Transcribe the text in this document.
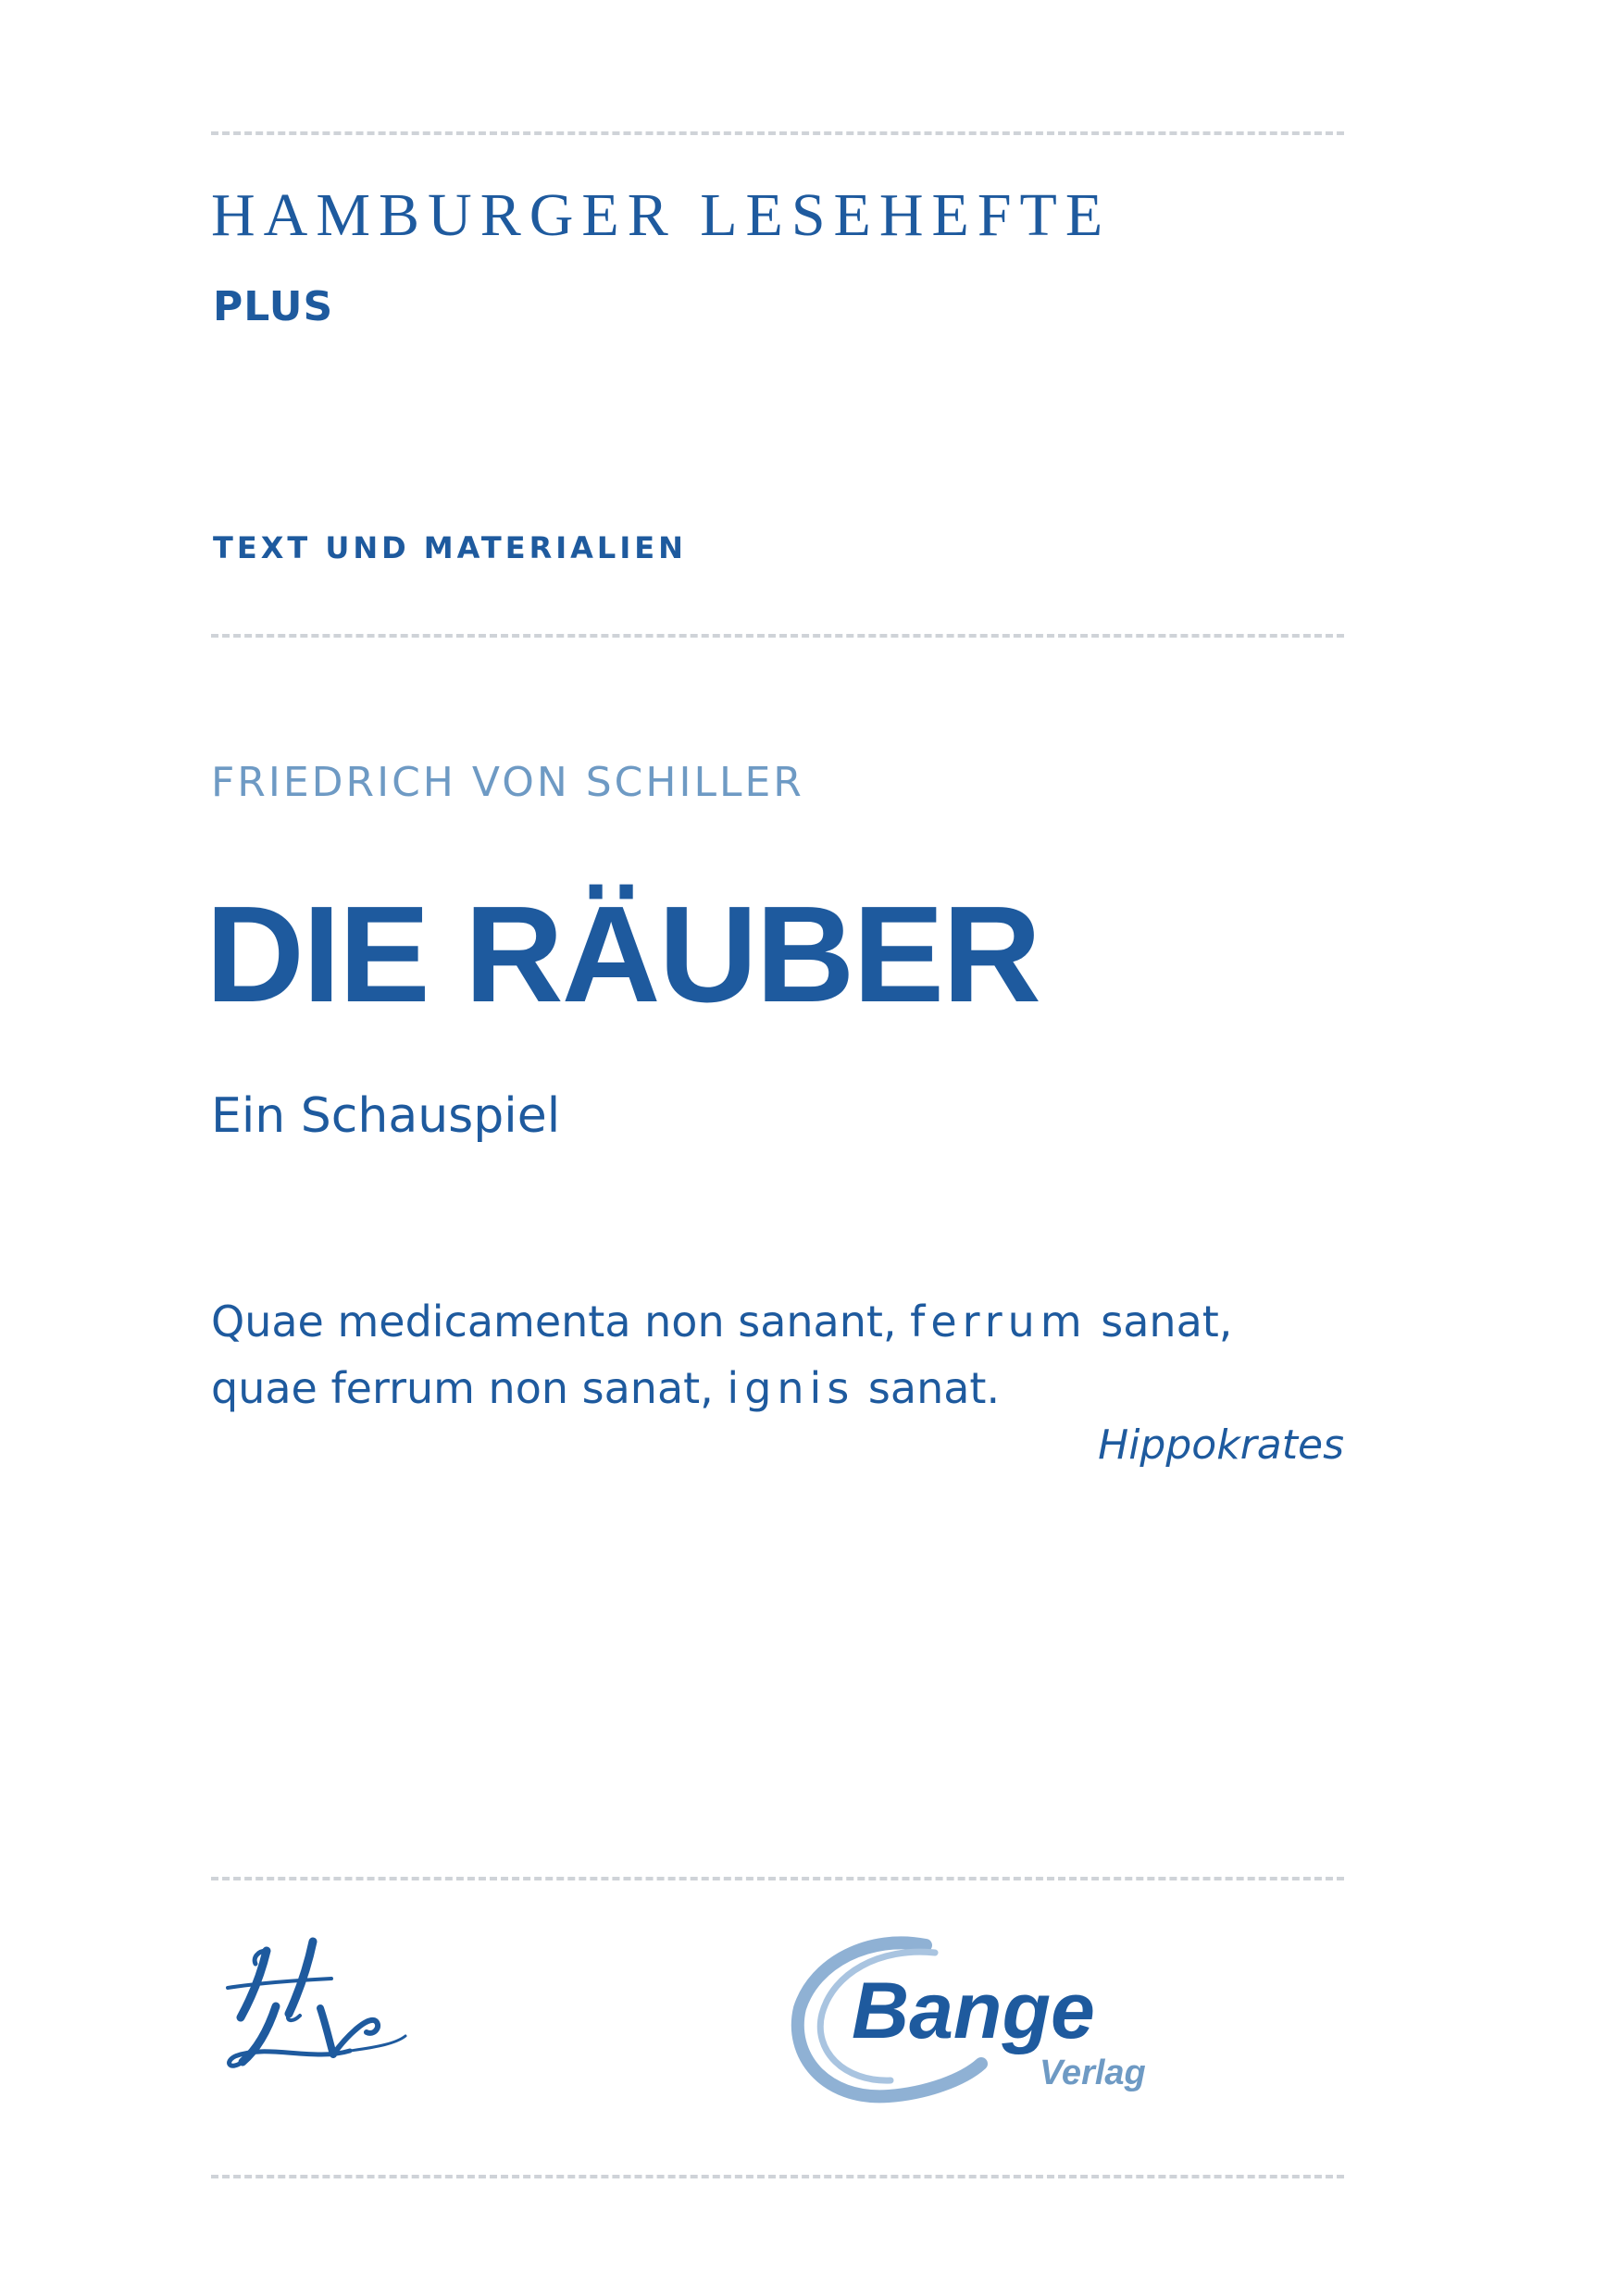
HAMBURGER LESEHEFTE
PLUS
TEXT UND MATERIALIEN
FRIEDRICH VON SCHILLER
DIE RÄUBER
Ein Schauspiel
Quae medicamenta non sanant, ferrum sanat,
quae ferrum non sanat, ignis sanat.
Hippokrates
Bange
Verlag
